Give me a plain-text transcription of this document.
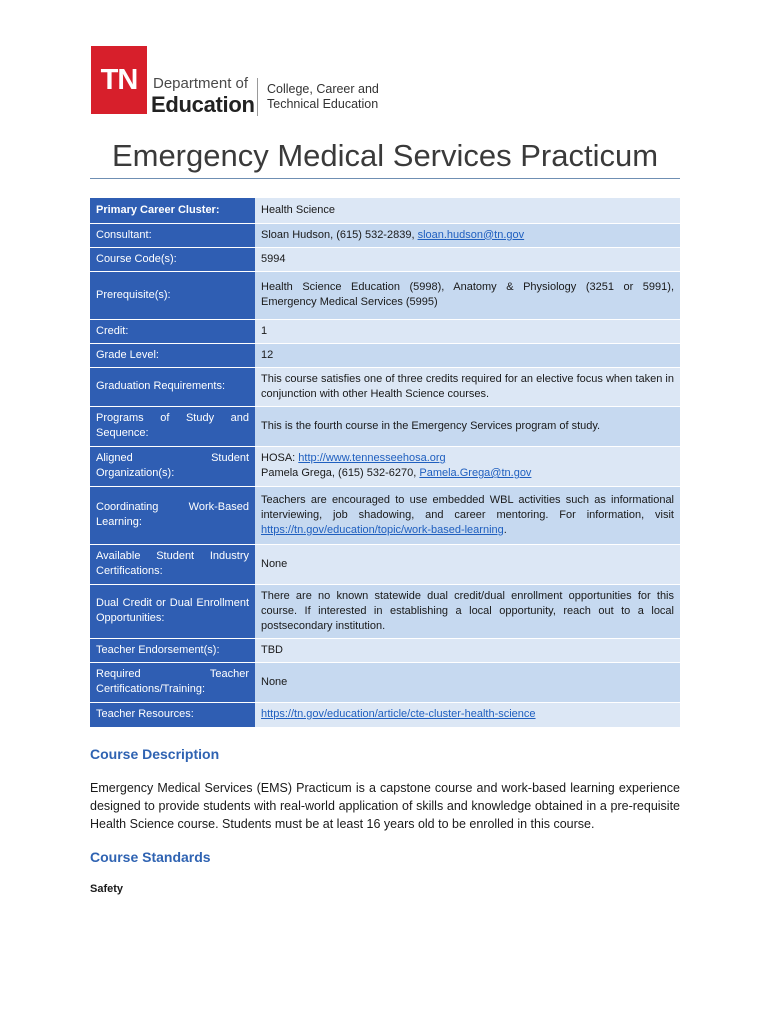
TN	Department of
Education
College, Career and
Technical Education
Emergency Medical Services Practicum
Primary Career Cluster:	Health Science
Consultant:	Sloan Hudson, (615) 532-2839, sloan.hudson@tn.gov
Course Code(s):	5994
Prerequisite(s):	Health Science Education (5998), Anatomy & Physiology (3251 or 5991), Emergency Medical Services (5995)
Credit:	1
Grade Level:	12
Graduation Requirements:	This course satisfies one of three credits required for an elective focus when taken in conjunction with other Health Science courses.
Programs of Study and Sequence:	This is the fourth course in the Emergency Services program of study.
Aligned Student Organization(s):	HOSA: http://www.tennesseehosa.org
Pamela Grega, (615) 532-6270, Pamela.Grega@tn.gov

Coordinating Work-Based Learning:	Teachers are encouraged to use embedded WBL activities such as informational interviewing, job shadowing, and career mentoring. For information, visit https://tn.gov/education/topic/work-based-learning.
Available Student Industry Certifications:	None
Dual Credit or Dual Enrollment Opportunities:	There are no known statewide dual credit/dual enrollment opportunities for this course. If interested in establishing a local opportunity, reach out to a local postsecondary institution.
Teacher Endorsement(s):	TBD
Required Teacher Certifications/Training:	None
Teacher Resources:	https://tn.gov/education/article/cte-cluster-health-science
Course Description
Emergency Medical Services (EMS) Practicum is a capstone course and work-based learning experience designed to provide students with real-world application of skills and knowledge obtained in a pre-requisite Health Science course. Students must be at least 16 years old to be enrolled in this course.
Course Standards
Safety
